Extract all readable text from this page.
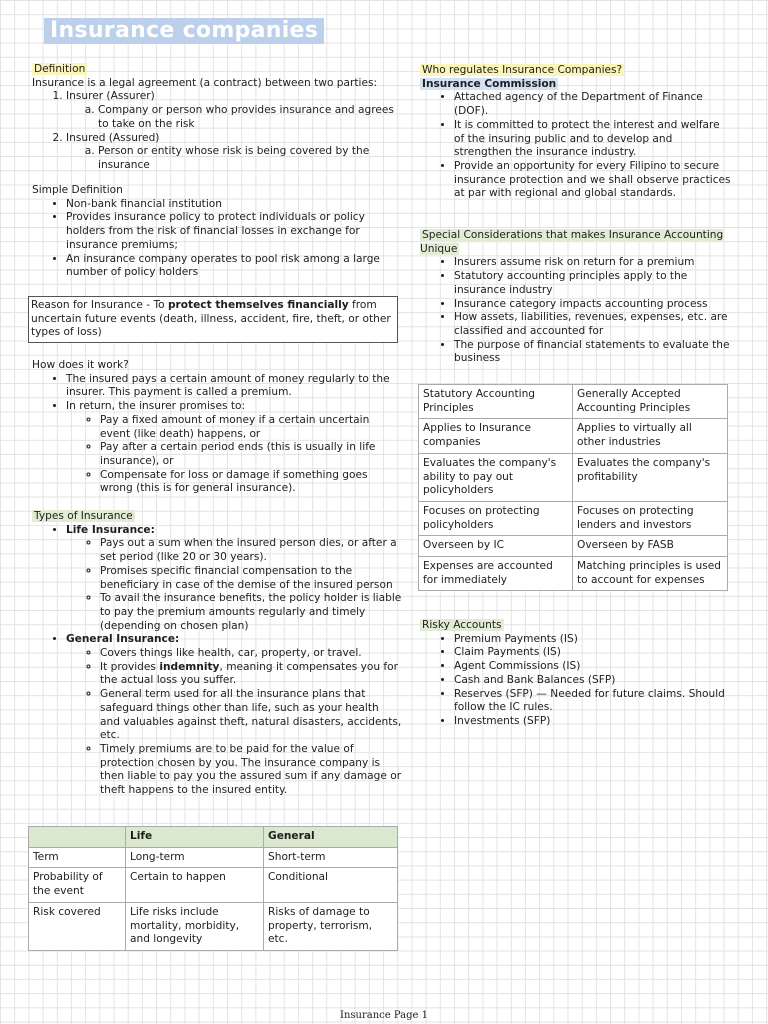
Insurance companies

Definition

Insurance is a legal agreement (a contract) between two parties:

1. Insurer (Assurer)
a. Company or person who provides insurance and agrees to take on the risk
2. Insured (Assured)
a. Person or entity whose risk is being covered by the insurance

Simple Definition

• Non-bank financial institution
• Provides insurance policy to protect individuals or policy holders from the risk of financial losses in exchange for insurance premiums;
• An insurance company operates to pool risk among a large number of policy holders
Reason for Insurance - To protect themselves financially from uncertain future events (death, illness, accident, fire, theft, or other types of loss)

How does it work?

• The insured pays a certain amount of money regularly to the insurer. This payment is called a premium.
• In return, the insurer promises to:
◦ Pay a fixed amount of money if a certain uncertain event (like death) happens, or
◦ Pay after a certain period ends (this is usually in life insurance), or
◦ Compensate for loss or damage if something goes wrong (this is for general insurance).

Types of Insurance

• Life Insurance:
◦ Pays out a sum when the insured person dies, or after a set period (like 20 or 30 years).
◦ Promises specific financial compensation to the beneficiary in case of the demise of the insured person
◦ To avail the insurance benefits, the policy holder is liable to pay the premium amounts regularly and timely (depending on chosen plan)
• General Insurance:
◦ Covers things like health, car, property, or travel.
◦ It provides indemnity, meaning it compensates you for the actual loss you suffer.
◦ General term used for all the insurance plans that safeguard things other than life, such as your health and valuables against theft, natural disasters, accidents, etc.
◦ Timely premiums are to be paid for the value of protection chosen by you. The insurance company is then liable to pay you the assured sum if any damage or theft happens to the insured entity.
	Life	General
Term	Long-term	Short-term
Probability of the event	Certain to happen	Conditional
Risk covered	Life risks include mortality, morbidity, and longevity	Risks of damage to property, terrorism, etc.

Who regulates Insurance Companies?

Insurance Commission

• Attached agency of the Department of Finance (DOF).
• It is committed to protect the interest and welfare of the insuring public and to develop and strengthen the insurance industry.
• Provide an opportunity for every Filipino to secure insurance protection and we shall observe practices at par with regional and global standards.

Special Considerations that makes Insurance Accounting Unique

• Insurers assume risk on return for a premium
• Statutory accounting principles apply to the insurance industry
• Insurance category impacts accounting process
• How assets, liabilities, revenues, expenses, etc. are classified and accounted for
• The purpose of financial statements to evaluate the business
Statutory Accounting Principles	Generally Accepted Accounting Principles
Applies to Insurance companies	Applies to virtually all other industries
Evaluates the company's ability to pay out policyholders	Evaluates the company's profitability
Focuses on protecting policyholders	Focuses on protecting lenders and investors
Overseen by IC	Overseen by FASB
Expenses are accounted for immediately	Matching principles is used to account for expenses

Risky Accounts

• Premium Payments (IS)
• Claim Payments (IS)
• Agent Commissions (IS)
• Cash and Bank Balances (SFP)
• Reserves (SFP) — Needed for future claims. Should follow the IC rules.
• Investments (SFP)
Insurance Page 1
